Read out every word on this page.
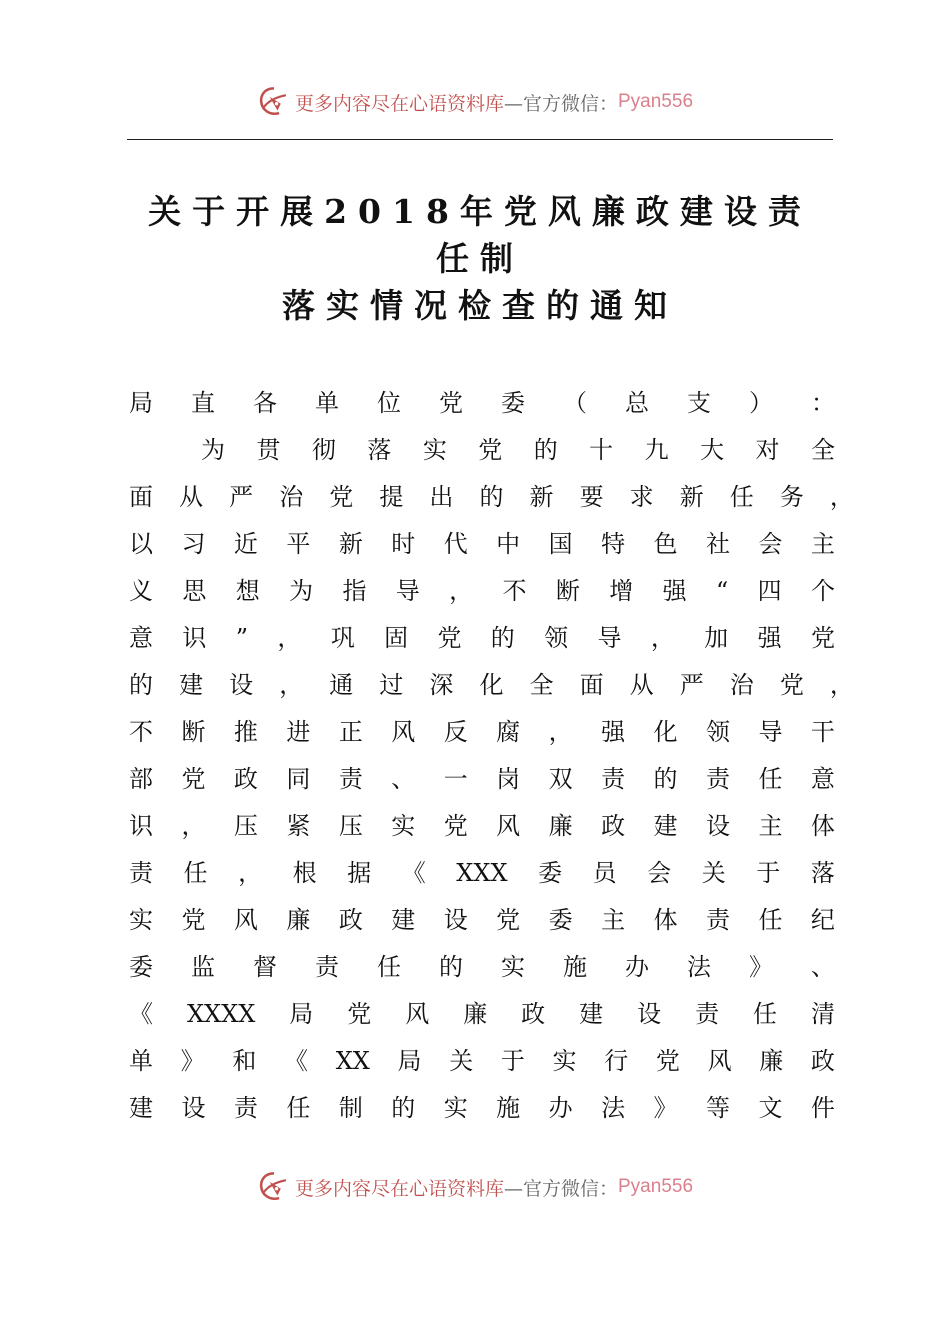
更多内容尽在心语资料库 —官方微信： Pyan556
关于开展2018年党风廉政建设责
任制
落实情况检查的通知
局 直 各 单 位 党 委 （ 总 支 ） ：
为 贯 彻 落 实 党 的 十 九 大 对 全
面 从 严 治 党 提 出 的 新 要 求 新 任 务 ，
以 习 近 平 新 时 代 中 国 特 色 社 会 主
义 思 想 为 指 导 ， 不 断 增 强 “ 四 个
意 识 ” ， 巩 固 党 的 领 导 ， 加 强 党
的 建 设 ， 通 过 深 化 全 面 从 严 治 党 ，
不 断 推 进 正 风 反 腐 ， 强 化 领 导 干
部 党 政 同 责 、 一 岗 双 责 的 责 任 意
识 ， 压 紧 压 实 党 风 廉 政 建 设 主 体
责 任 ， 根 据 《 XXX 委 员 会 关 于 落
实 党 风 廉 政 建 设 党 委 主 体 责 任 纪
委 监 督 责 任 的 实 施 办 法 》 、
《 XXXX 局 党 风 廉 政 建 设 责 任 清
单 》 和 《 XX 局 关 于 实 行 党 风 廉 政
建 设 责 任 制 的 实 施 办 法 》 等 文 件
更多内容尽在心语资料库 —官方微信： Pyan556
